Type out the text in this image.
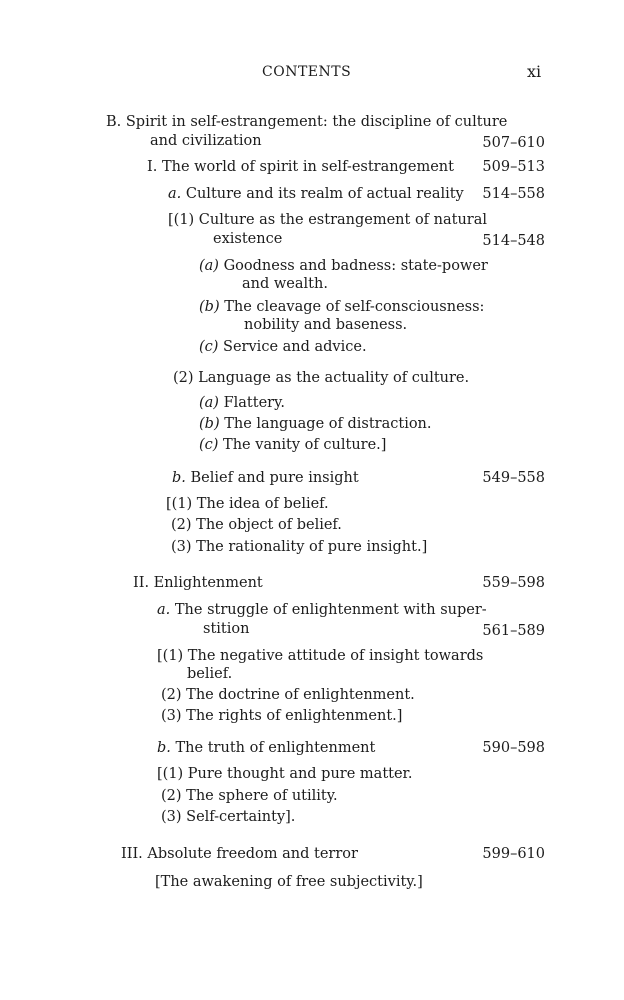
CONTENTS	xi
B. Spirit in self-estrangement: the discipline of culture
and civilization	507–610
I. The world of spirit in self-estrangement 509–513
a. Culture and its realm of actual reality 514–558
[(1) Culture as the estrangement of natural
existence	514–548
(a) Goodness and badness: state-power
and wealth.
(b) The cleavage of self-consciousness:
nobility and baseness.
(c) Service and advice.
(2) Language as the actuality of culture.
(a) Flattery.
(b) The language of distraction.
(c) The vanity of culture.]
b. Belief and pure insight	549–558
[(1) The idea of belief.
(2) The object of belief.
(3) The rationality of pure insight.]
II. Enlightenment	559–598
a. The struggle of enlightenment with super-
stition	561–589
[(1) The negative attitude of insight towards
belief.
(2) The doctrine of enlightenment.
(3) The rights of enlightenment.]
b. The truth of enlightenment	590–598
[(1) Pure thought and pure matter.
(2) The sphere of utility.
(3) Self-certainty].
III. Absolute freedom and terror	599–610
[The awakening of free subjectivity.]
